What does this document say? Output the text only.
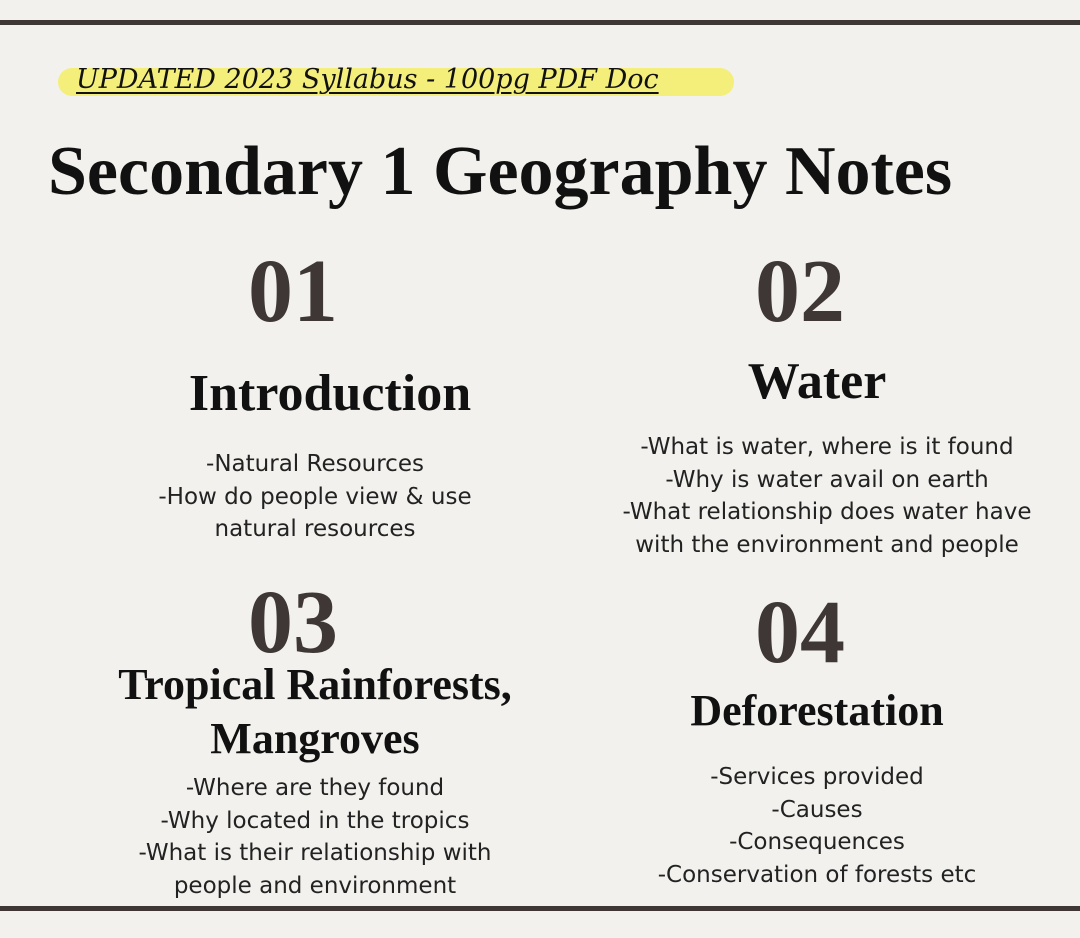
UPDATED 2023 Syllabus - 100pg PDF Doc
Secondary 1 Geography Notes
01
Introduction
-Natural Resources
-How do people view & use
natural resources
02
Water
-What is water, where is it found
-Why is water avail on earth
-What relationship does water have
with the environment and people
03
Tropical Rainforests,
Mangroves
-Where are they found
-Why located in the tropics
-What is their relationship with
people and environment
04
Deforestation
-Services provided
-Causes
-Consequences
-Conservation of forests etc
